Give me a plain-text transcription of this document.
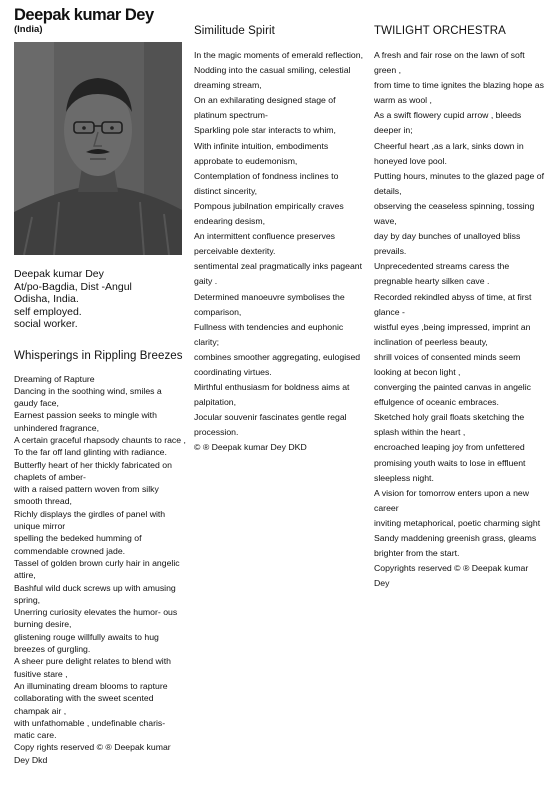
Deepak kumar Dey
(India)
Deepak kumar Dey
At/po-Bagdia, Dist -Angul
Odisha, India.
self employed.
social worker.
Whisperings in Rippling Breezes
Dreaming of Rapture
Dancing in the soothing wind, smiles a gaudy face,
Earnest passion seeks to mingle with unhindered fragrance,
A certain graceful rhapsody chaunts to race ,
To the far off land glinting with radiance.
Butterfly heart of her thickly fabricated on chaplets of amber-
with a raised pattern woven from silky smooth thread,
Richly displays the girdles of panel with unique mirror
spelling the bedeked humming of commendable crowned jade.
Tassel of golden brown curly hair in angelic attire,
Bashful wild duck screws up with amusing spring,
Unerring curiosity elevates the humor- ous burning desire,
glistening rouge willfully awaits to hug breezes of gurgling.
A sheer pure delight relates to blend with fusitive stare ,
An illuminating dream blooms to rapture collaborating with the sweet scented champak air ,
with unfathomable , undefinable charis- matic care.
Copy rights reserved © ® Deepak kumar Dey Dkd
Similitude Spirit
In the magic moments of emerald reflection,
Nodding into the casual smiling, celestial dreaming stream,
On an exhilarating designed stage of platinum spectrum-
Sparkling pole star interacts to whim,
With infinite intuition, embodiments approbate to eudemonism,
Contemplation of fondness inclines to distinct sincerity,
Pompous jubilnation empirically craves endearing desism,
An intermittent confluence preserves perceivable dexterity.
sentimental zeal pragmatically inks pageant gaity .
Determined manoeuvre symbolises the comparison,
Fullness with tendencies and euphonic clarity;
combines smoother aggregating, eulogised coordinating virtues.
Mirthful enthusiasm for boldness aims at palpitation,
Jocular souvenir fascinates gentle regal procession.
© ® Deepak kumar Dey DKD
TWILIGHT ORCHESTRA
A fresh and fair rose on the lawn of soft green ,
from time to time ignites the blazing hope as warm as wool ,
As a swift flowery cupid arrow , bleeds deeper in;
Cheerful heart ,as a lark, sinks down in honeyed love pool.
Putting hours, minutes to the glazed page of details,
observing the ceaseless spinning, tossing wave,
day by day bunches of unalloyed bliss prevails.
Unprecedented streams caress the pregnable hearty silken cave .
Recorded rekindled abyss of time, at first glance -
wistful eyes ,being impressed, imprint an inclination of peerless beauty,
shrill voices of consented minds seem looking at becon light ,
converging the painted canvas in angelic effulgence of oceanic embraces.
Sketched holy grail floats sketching the splash within the heart ,
encroached leaping joy from unfettered promising youth waits to lose in effluent sleepless night.
A vision for tomorrow enters upon a new career
inviting metaphorical, poetic charming sight
Sandy maddening greenish grass, gleams brighter from the start.
Copyrights reserved © ® Deepak kumar Dey
